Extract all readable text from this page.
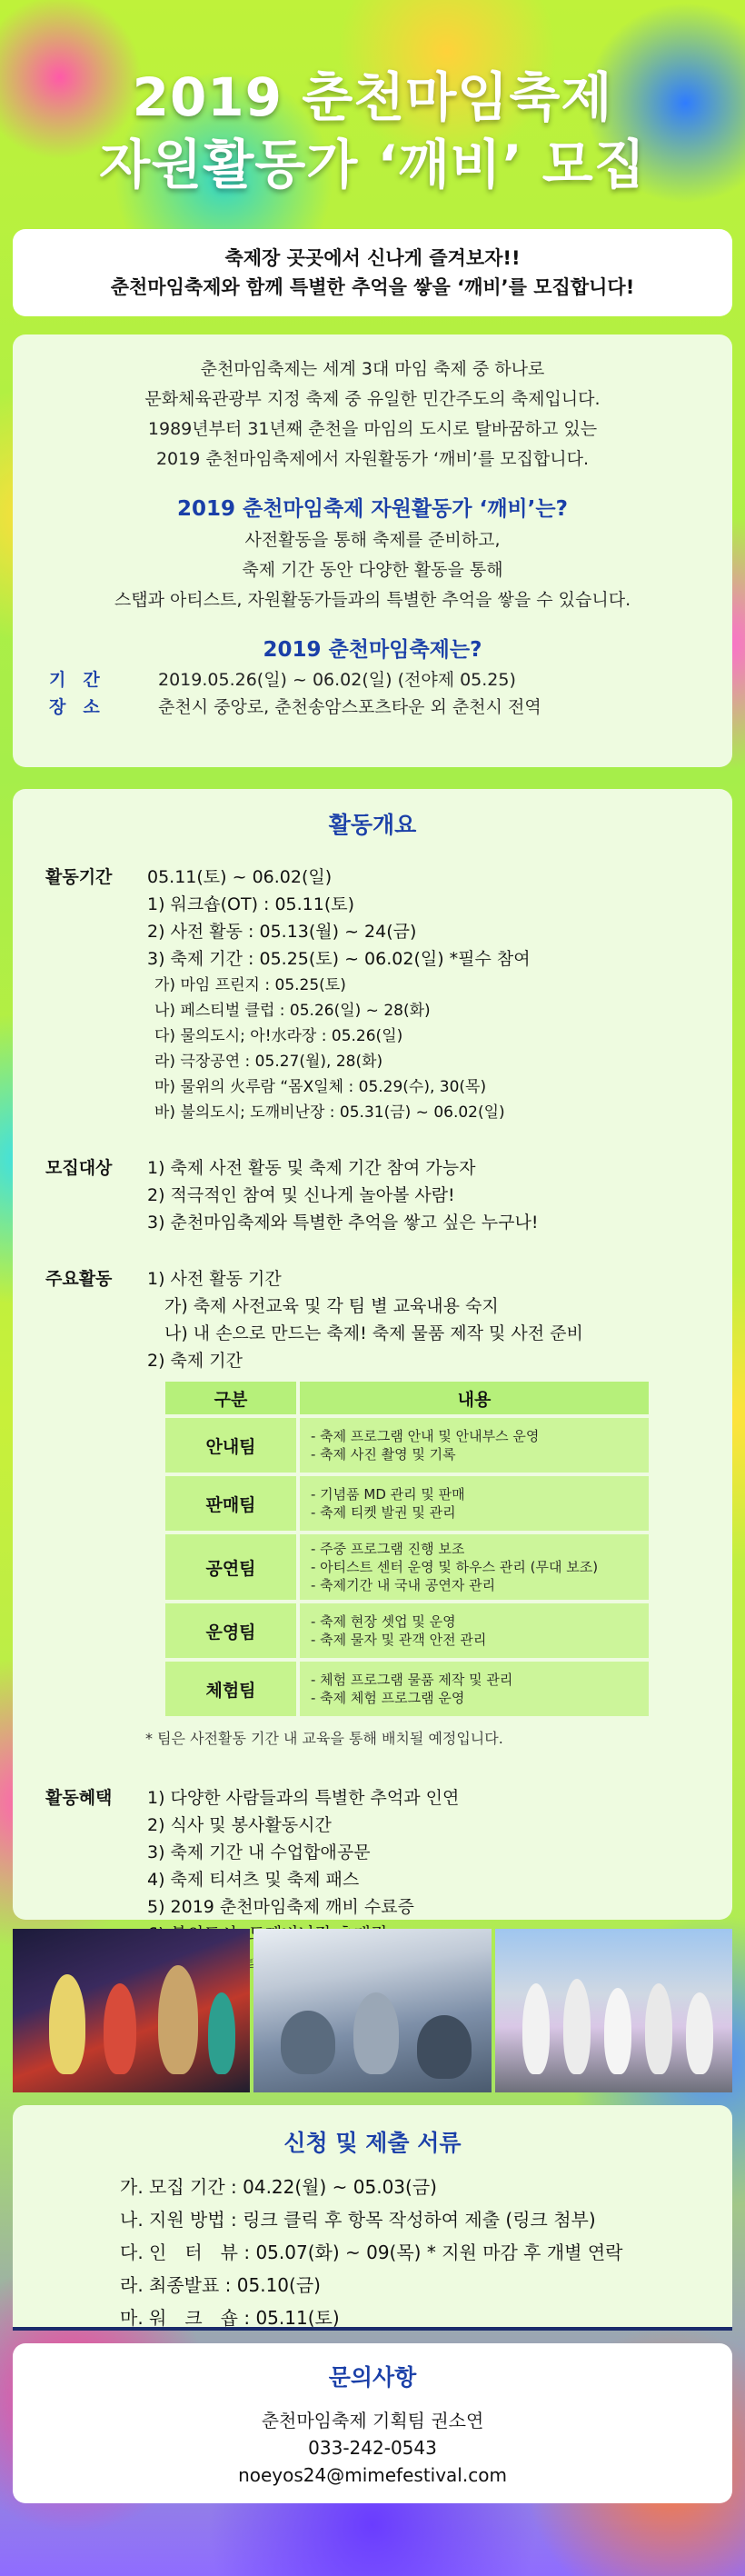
2019 춘천마임축제
자원활동가 ‘깨비’ 모집
축제장 곳곳에서 신나게 즐겨보자!!
춘천마임축제와 함께 특별한 추억을 쌓을 ‘깨비’를 모집합니다!
춘천마임축제는 세계 3대 마임 축제 중 하나로
문화체육관광부 지정 축제 중 유일한 민간주도의 축제입니다.
1989년부터 31년째 춘천을 마임의 도시로 탈바꿈하고 있는
2019 춘천마임축제에서 자원활동가 ‘깨비’를 모집합니다.
2019 춘천마임축제 자원활동가 ‘깨비’는?
사전활동을 통해 축제를 준비하고,
축제 기간 동안 다양한 활동을 통해
스탭과 아티스트, 자원활동가들과의 특별한 추억을 쌓을 수 있습니다.
2019 춘천마임축제는?
기　간	2019.05.26(일) ~ 06.02(일) (전야제 05.25)
장　소	춘천시 중앙로, 춘천송암스포츠타운 외 춘천시 전역
활동개요
활동기간	05.11(토) ~ 06.02(일)
1) 워크숍(OT) : 05.11(토)
2) 사전 활동 : 05.13(월) ~ 24(금)
3) 축제 기간 : 05.25(토) ~ 06.02(일) *필수 참여
가) 마임 프린지 : 05.25(토)
나) 페스티벌 클럽 : 05.26(일) ~ 28(화)
다) 물의도시; 아!水라장 : 05.26(일)
라) 극장공연 : 05.27(월), 28(화)
마) 물위의 火루람 “몸X일체 : 05.29(수), 30(목)
바) 불의도시; 도깨비난장 : 05.31(금) ~ 06.02(일)
모집대상	1) 축제 사전 활동 및 축제 기간 참여 가능자
2) 적극적인 참여 및 신나게 놀아볼 사람!
3) 춘천마임축제와 특별한 추억을 쌓고 싶은 누구나!
주요활동	1) 사전 활동 기간
　가) 축제 사전교육 및 각 팀 별 교육내용 숙지
　나) 내 손으로 만드는 축제! 축제 물품 제작 및 사전 준비
2) 축제 기간
구분	내용
안내팀	- 축제 프로그램 안내 및 안내부스 운영
- 축제 사진 촬영 및 기록

판매팀	- 기념품 MD 관리 및 판매
- 축제 티켓 발권 및 관리

공연팀	- 주중 프로그램 진행 보조
- 아티스트 센터 운영 및 하우스 관리 (무대 보조)
- 축제기간 내 국내 공연자 관리

운영팀	- 축제 현장 셋업 및 운영
- 축제 물자 및 관객 안전 관리

체험팀	- 체험 프로그램 물품 제작 및 관리
- 축제 체험 프로그램 운영
* 팀은 사전활동 기간 내 교육을 통해 배치될 예정입니다.
활동혜택	1) 다양한 사람들과의 특별한 추억과 인연
2) 식사 및 봉사활동시간
3) 축제 기간 내 수업합애공문
4) 축제 티셔츠 및 축제 패스
5) 2019 춘천마임축제 깨비 수료증
혜택은
신청 및 제출 서류
가. 모집 기간 : 04.22(월) ~ 05.03(금)
나. 지원 방법 : 링크 클릭 후 항목 작성하여 제출 (링크 첨부)
다. 인　터　뷰 : 05.07(화) ~ 09(목) * 지원 마감 후 개별 연락
라. 최종발표 : 05.10(금)
마. 워　크　숍 : 05.11(토)
문의사항
춘천마임축제 기획팀 권소연
033-242-0543
noeyos24@mimefestival.com
